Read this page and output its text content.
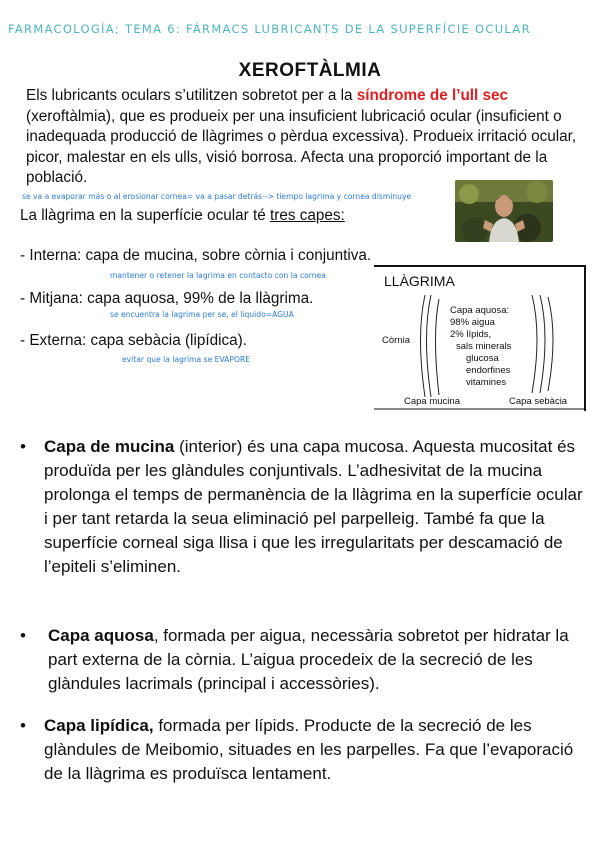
FARMACOLOGÍA; TEMA 6: FÀRMACS LUBRICANTS DE LA SUPERFÍCIE OCULAR
XEROFTÀLMIA
Els lubricants oculars s’utilitzen sobretot per a la síndrome de l’ull sec (xeroftàlmia), que es produeix per una insuficient lubricació ocular (insuficient o inadequada producció de llàgrimes o pèrdua excessiva). Produeix irritació ocular, picor, malestar en els ulls, visió borrosa. Afecta una proporció important de la població.
se va a evaporar más o al erosionar cornea= va a pasar detrás--> tiempo lagrima y cornea disminuye
La llàgrima en la superfície ocular té tres capes:
- Interna: capa de mucina, sobre còrnia i conjuntiva.
mantener o retener la lagrima en contacto con la cornea
- Mitjana: capa aquosa, 99% de la llàgrima.
se encuentra la lagrima per se, el liquido=AGUA
- Externa: capa sebàcia (lipídica).
evitar que la lagrima se EVAPORE
LLÀGRIMA
Còrnia
Capa aquosa:
98% aigua
2% lípids,
sals minerals
glucosa
endorfines
vitamines
Capa mucina	Capa sebàcia
• Capa de mucina (interior) és una capa mucosa. Aquesta mucositat és produïda per les glàndules conjuntivals. L’adhesivitat de la mucina prolonga el temps de permanència de la llàgrima en la superfície ocular i per tant retarda la seua eliminació pel parpelleig. També fa que la superfície corneal siga llisa i que les irregularitats per descamació de l’epiteli s’eliminen.
• Capa aquosa, formada per aigua, necessària sobretot per hidratar la part externa de la còrnia. L’aigua procedeix de la secreció de les glàndules lacrimals (principal i accessòries).
• Capa lipídica, formada per lípids. Producte de la secreció de les glàndules de Meibomio, situades en les parpelles. Fa que l’evaporació de la llàgrima es produïsca lentament.
